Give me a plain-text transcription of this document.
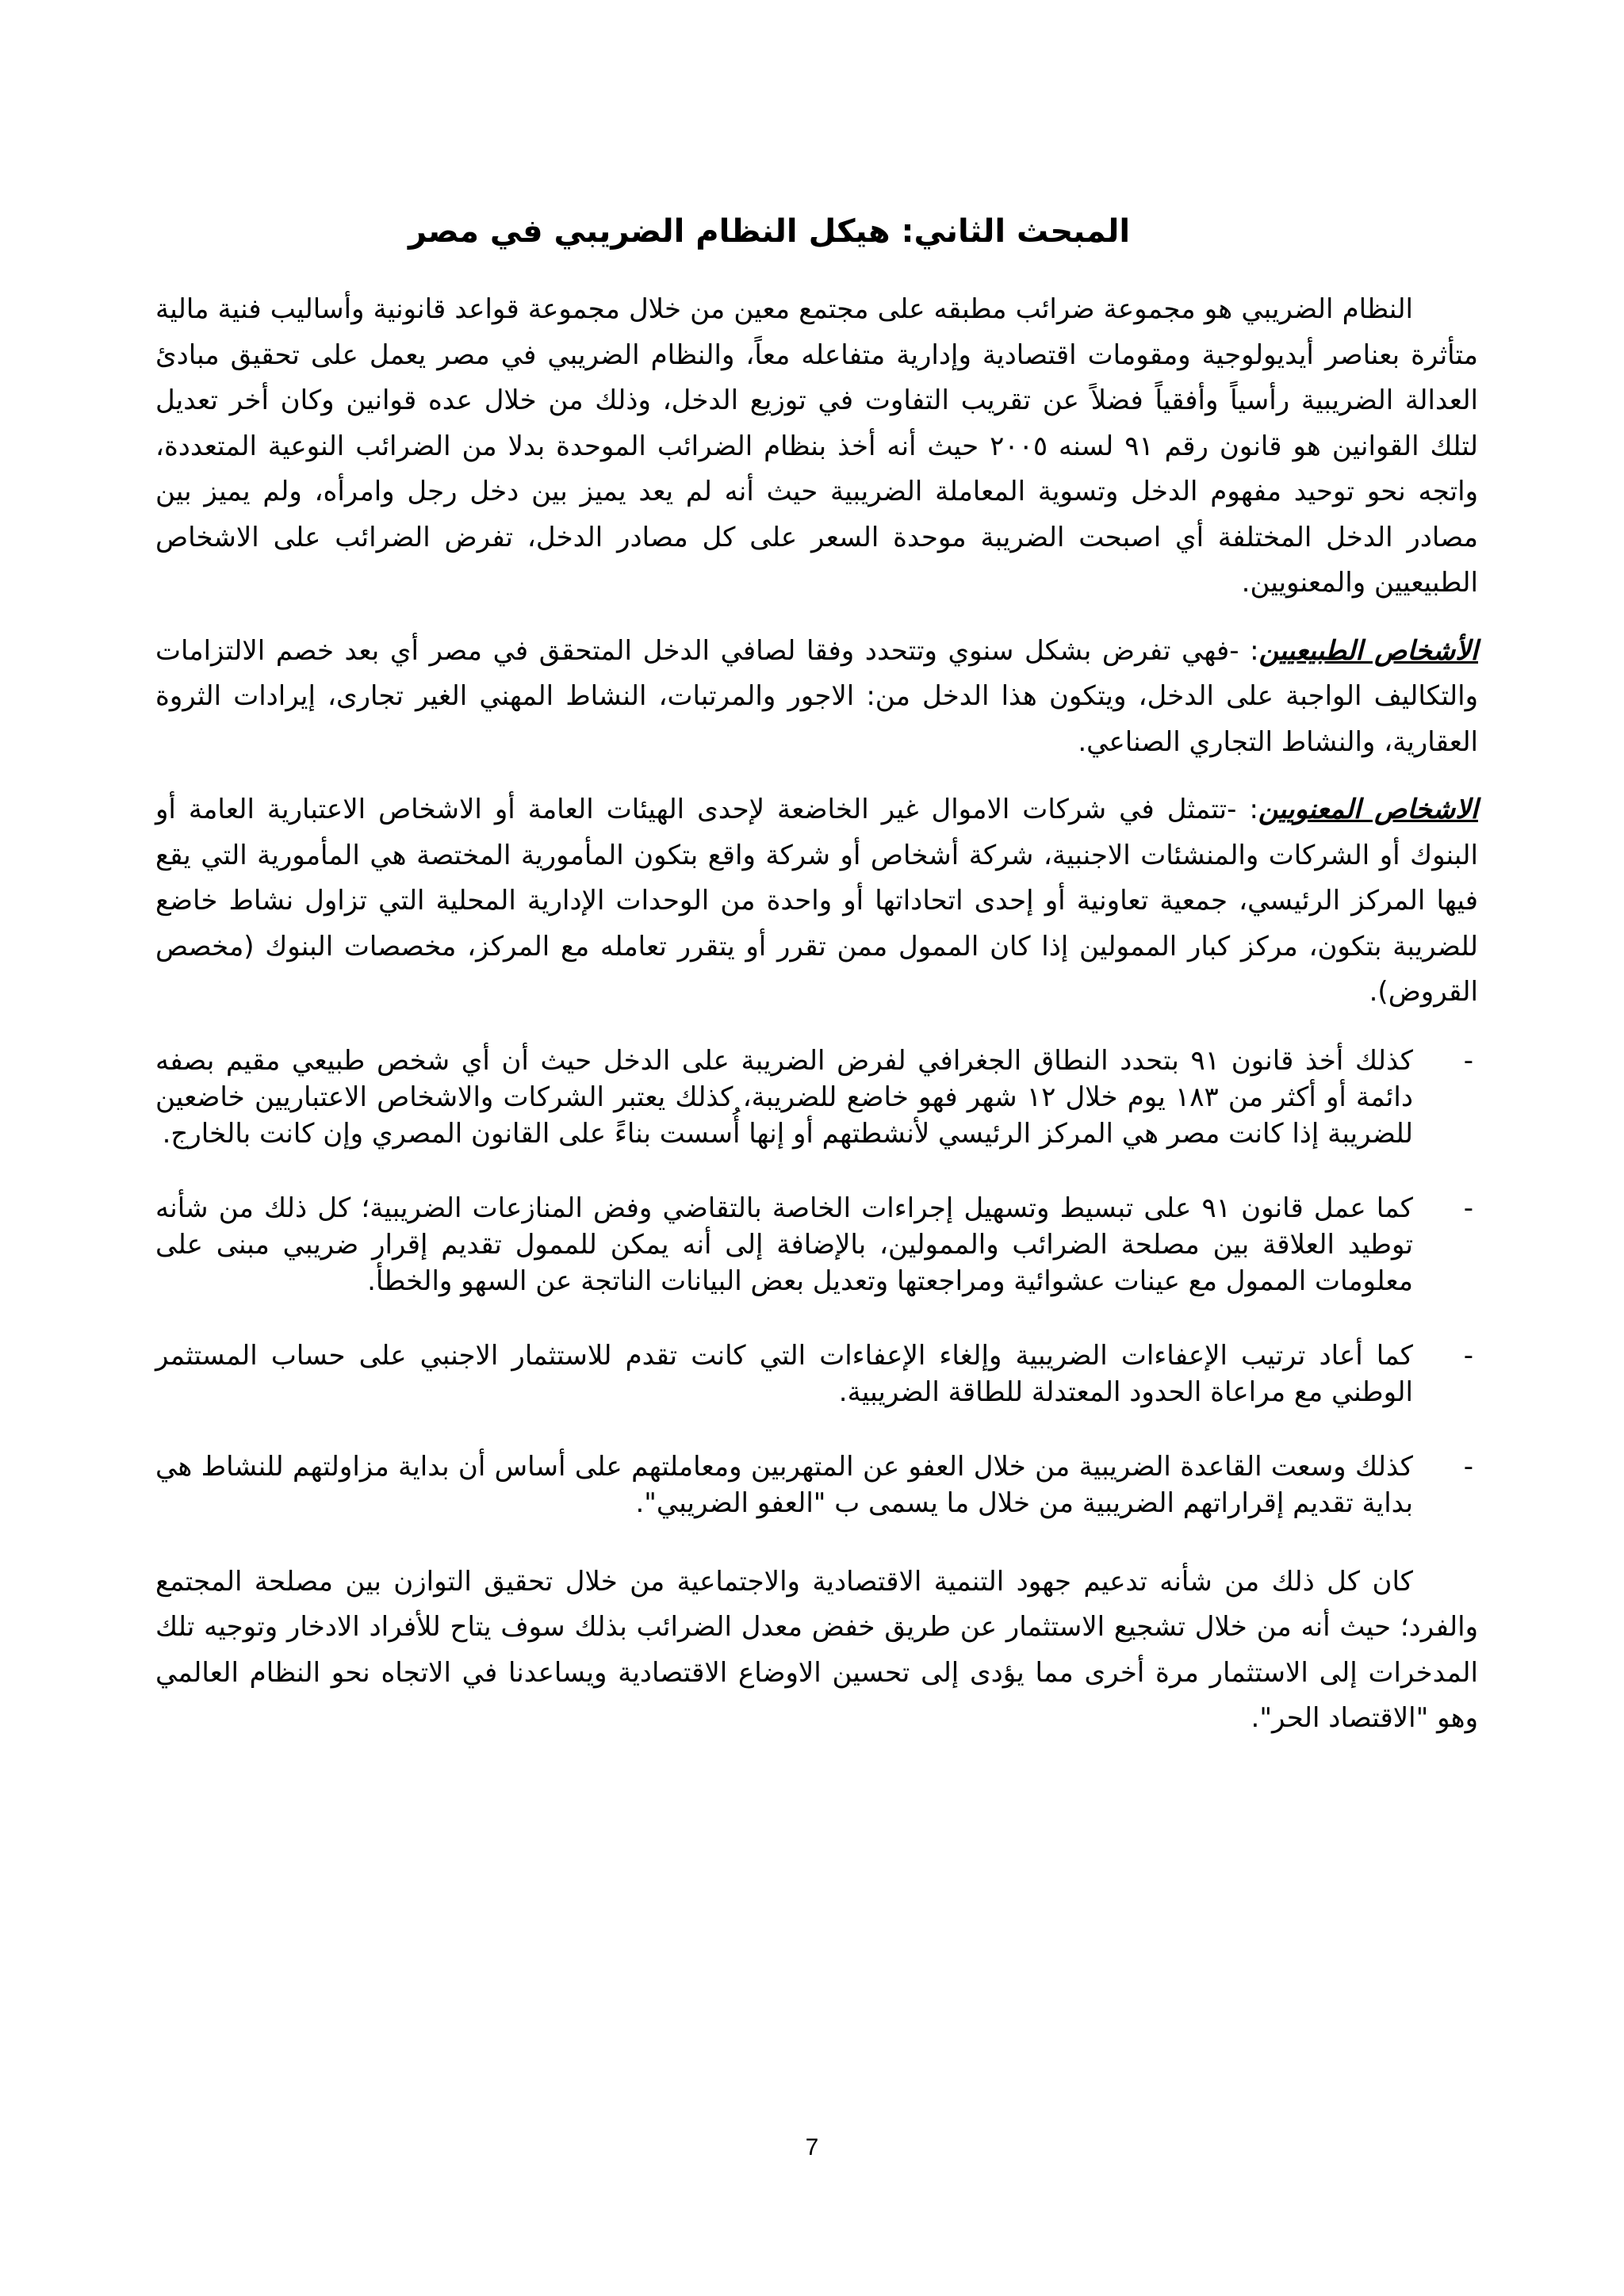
المبحث الثاني: هيكل النظام الضريبي في مصر

النظام الضريبي هو مجموعة ضرائب مطبقه على مجتمع معين من خلال مجموعة قواعد قانونية وأساليب فنية مالية متأثرة بعناصر أيديولوجية ومقومات اقتصادية وإدارية متفاعله معاً، والنظام الضريبي في مصر يعمل على تحقيق مبادئ العدالة الضريبية رأسياً وأفقياً فضلاً عن تقريب التفاوت في توزيع الدخل، وذلك من خلال عده قوانين وكان أخر تعديل لتلك القوانين هو قانون رقم ٩١ لسنه ٢٠٠٥ حيث أنه أخذ بنظام الضرائب الموحدة بدلا من الضرائب النوعية المتعددة، واتجه نحو توحيد مفهوم الدخل وتسوية المعاملة الضريبية حيث أنه لم يعد يميز بين دخل رجل وامرأه، ولم يميز بين مصادر الدخل المختلفة أي اصبحت الضريبة موحدة السعر على كل مصادر الدخل، تفرض الضرائب على الاشخاص الطبيعيين والمعنويين.

الأشخاص الطبيعيين: -فهي تفرض بشكل سنوي وتتحدد وفقا لصافي الدخل المتحقق في مصر أي بعد خصم الالتزامات والتكاليف الواجبة على الدخل، ويتكون هذا الدخل من: الاجور والمرتبات، النشاط المهني الغير تجارى، إيرادات الثروة العقارية، والنشاط التجاري الصناعي.

الاشخاص المعنويين: -تتمثل في شركات الاموال غير الخاضعة لإحدى الهيئات العامة أو الاشخاص الاعتبارية العامة أو البنوك أو الشركات والمنشئات الاجنبية، شركة أشخاص أو شركة واقع بتكون المأمورية المختصة هي المأمورية التي يقع فيها المركز الرئيسي، جمعية تعاونية أو إحدى اتحاداتها أو واحدة من الوحدات الإدارية المحلية التي تزاول نشاط خاضع للضريبة بتكون، مركز كبار الممولين إذا كان الممول ممن تقرر أو يتقرر تعامله مع المركز، مخصصات البنوك (مخصص القروض).

-
كذلك أخذ قانون ٩١ بتحدد النطاق الجغرافي لفرض الضريبة على الدخل حيث أن أي شخص طبيعي مقيم بصفه دائمة أو أكثر من ١٨٣ يوم خلال ١٢ شهر فهو خاضع للضريبة، كذلك يعتبر الشركات والاشخاص الاعتباريين خاضعين للضريبة إذا كانت مصر هي المركز الرئيسي لأنشطتهم أو إنها أُسست بناءً على القانون المصري وإن كانت بالخارج.
-
كما عمل قانون ٩١ على تبسيط وتسهيل إجراءات الخاصة بالتقاضي وفض المنازعات الضريبية؛ كل ذلك من شأنه توطيد العلاقة بين مصلحة الضرائب والممولين، بالإضافة إلى أنه يمكن للممول تقديم إقرار ضريبي مبنى على معلومات الممول مع عينات عشوائية ومراجعتها وتعديل بعض البيانات الناتجة عن السهو والخطأ.
-
كما أعاد ترتيب الإعفاءات الضريبية وإلغاء الإعفاءات التي كانت تقدم للاستثمار الاجنبي على حساب المستثمر الوطني مع مراعاة الحدود المعتدلة للطاقة الضريبية.
-
كذلك وسعت القاعدة الضريبية من خلال العفو عن المتهربين ومعاملتهم على أساس أن بداية مزاولتهم للنشاط هي بداية تقديم إقراراتهم الضريبية من خلال ما يسمى ب "العفو الضريبي".

كان كل ذلك من شأنه تدعيم جهود التنمية الاقتصادية والاجتماعية من خلال تحقيق التوازن بين مصلحة المجتمع والفرد؛ حيث أنه من خلال تشجيع الاستثمار عن طريق خفض معدل الضرائب بذلك سوف يتاح للأفراد الادخار وتوجيه تلك المدخرات إلى الاستثمار مرة أخرى مما يؤدى إلى تحسين الاوضاع الاقتصادية ويساعدنا في الاتجاه نحو النظام العالمي وهو "الاقتصاد الحر".

7
